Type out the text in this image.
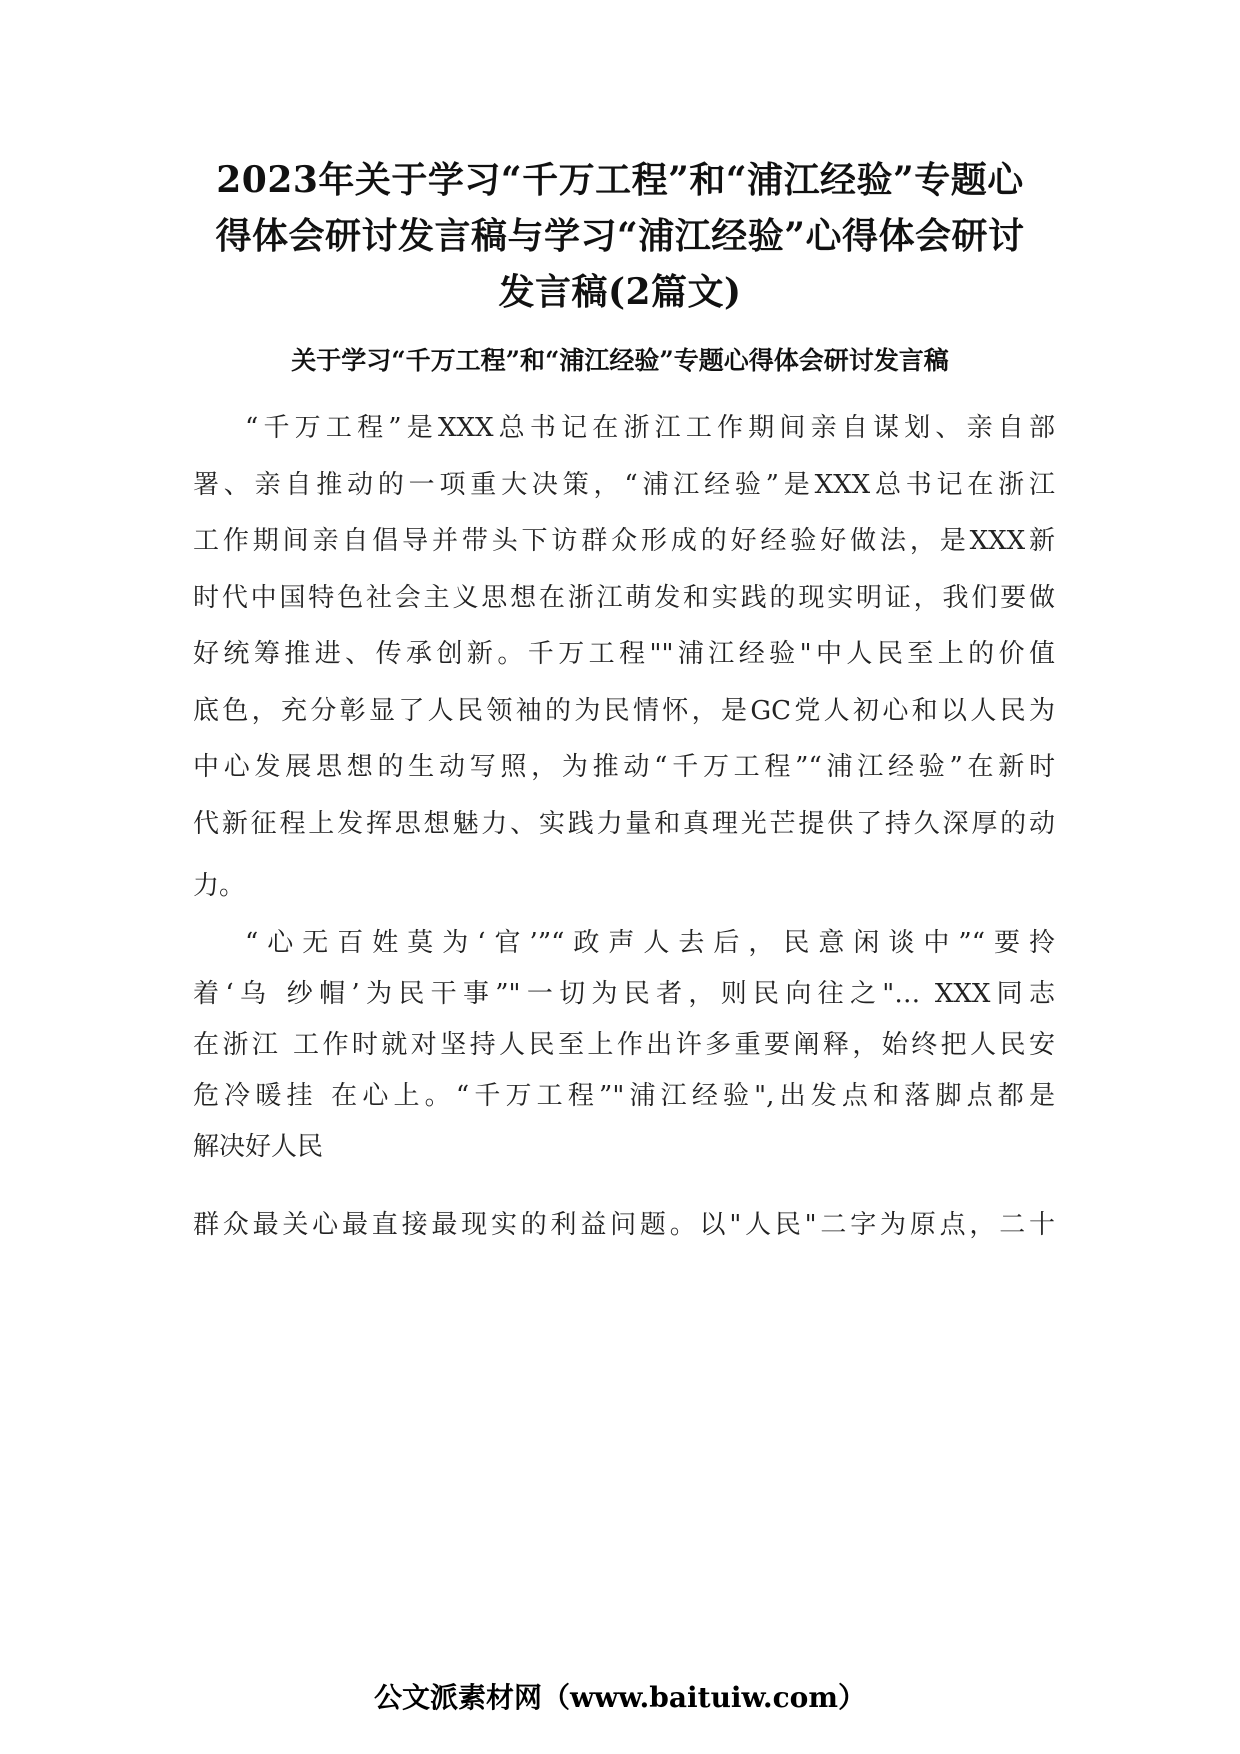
2023年关于学习“千万工程”和“浦江经验”专题心
得体会研讨发言稿与学习“浦江经验”心得体会研讨
发言稿(2篇文)
关于学习“千万工程”和“浦江经验”专题心得体会研讨发言稿

“千万工程”是XXX总书记在浙江工作期间亲自谋划、亲自部
署、亲自推动的一项重大决策，“浦江经验”是XXX总书记在浙江
工作期间亲自倡导并带头下访群众形成的好经验好做法，是XXX新
时代中国特色社会主义思想在浙江萌发和实践的现实明证，我们要做
好统筹推进、传承创新。千万工程""浦江经验"中人民至上的价值
底色，充分彰显了人民领袖的为民情怀，是GC党人初心和以人民为
中心发展思想的生动写照，为推动“千万工程”“浦江经验”在新时
代新征程上发挥思想魅力、实践力量和真理光芒提供了持久深厚的动
力。

“心无百姓莫为‘官’”“政声人去后，民意闲谈中”“要拎
着‘乌 纱帽’为民干事”"一切为民者，则民向往之"… XXX同志
在浙江 工作时就对坚持人民至上作出许多重要阐释，始终把人民安
危冷暖挂 在心上。“千万工程”"浦江经验",出发点和落脚点都是
解决好人民

群众最关心最直接最现实的利益问题。以"人民"二字为原点，二十

公文派素材网（www.baituiw.com）
